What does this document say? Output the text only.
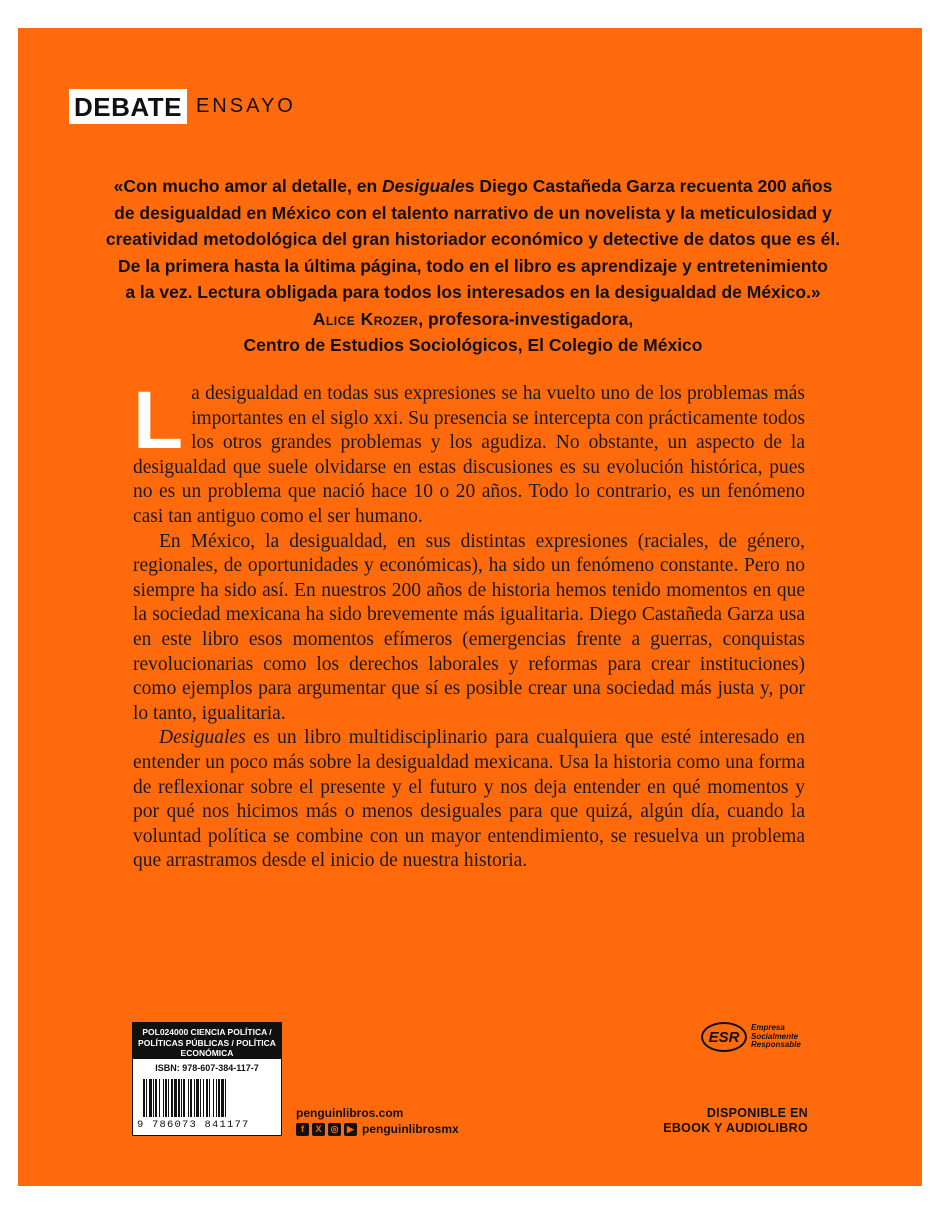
DEBATE ENSAYO

«Con mucho amor al detalle, en Desiguales Diego Castañeda Garza recuenta 200 años

de desigualdad en México con el talento narrativo de un novelista y la meticulosidad y

creatividad metodológica del gran historiador económico y detective de datos que es él.

De la primera hasta la última página, todo en el libro es aprendizaje y entretenimiento

a la vez. Lectura obligada para todos los interesados en la desigualdad de México.»

Alice Krozer, profesora-investigadora,

Centro de Estudios Sociológicos, El Colegio de México

La desigualdad en todas sus expresiones se ha vuelto uno de los problemas más importantes en el siglo xxi. Su presencia se intercepta con prácticamente todos los otros grandes problemas y los agudiza. No obstante, un aspecto de la desigualdad que suele olvidarse en estas discusiones es su evolución histórica, pues no es un problema que nació hace 10 o 20 años. Todo lo contrario, es un fenómeno casi tan antiguo como el ser humano.

En México, la desigualdad, en sus distintas expresiones (raciales, de género, regionales, de oportunidades y económicas), ha sido un fenómeno constante. Pero no siempre ha sido así. En nuestros 200 años de historia hemos tenido momentos en que la sociedad mexicana ha sido brevemente más igualitaria. Diego Castañeda Garza usa en este libro esos momentos efímeros (emergencias frente a guerras, conquistas revolucionarias como los derechos laborales y reformas para crear instituciones) como ejemplos para argumentar que sí es posible crear una sociedad más justa y, por lo tanto, igualitaria.

Desiguales es un libro multidisciplinario para cualquiera que esté interesado en entender un poco más sobre la desigualdad mexicana. Usa la historia como una forma de reflexionar sobre el presente y el futuro y nos deja entender en qué momentos y por qué nos hicimos más o menos desiguales para que quizá, algún día, cuando la voluntad política se combine con un mayor entendimiento, se resuelva un problema que arrastramos desde el inicio de nuestra historia.

POL024000 CIENCIA POLÍTICA / POLÍTICAS PÚBLICAS / POLÍTICA ECONÓMICA
ISBN: 978-607-384-117-7
9 786073 841177
penguinlibros.com
f	X	◎ ▶ penguinlibrosmx
ESR
Empresa
Socialmente
Responsable
DISPONIBLE EN
EBOOK Y AUDIOLIBRO
